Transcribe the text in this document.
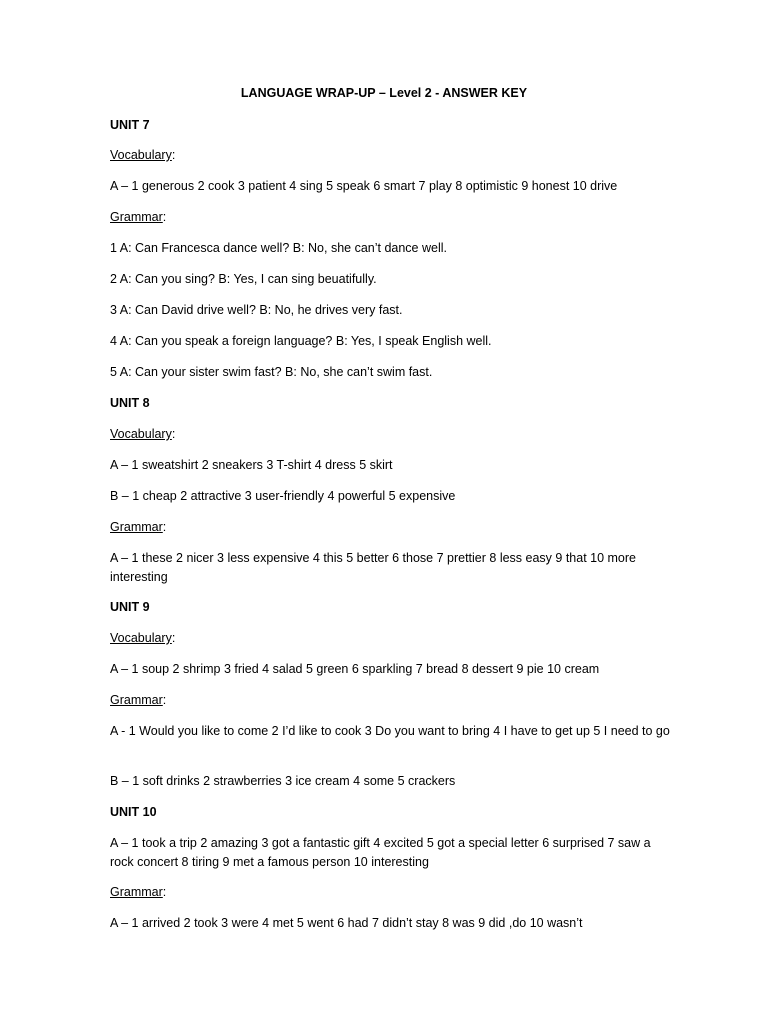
LANGUAGE WRAP-UP – Level 2 - ANSWER KEY
UNIT 7
Vocabulary:
A – 1 generous 2 cook 3 patient 4 sing 5 speak 6 smart 7 play 8 optimistic 9 honest 10 drive
Grammar:
1 A: Can Francesca dance well? B: No, she can’t dance well.
2 A: Can you sing? B: Yes, I can sing beuatifully.
3 A: Can David drive well? B: No, he drives very fast.
4 A: Can you speak a foreign language? B: Yes, I speak English well.
5 A: Can your sister swim fast? B: No, she can’t swim fast.
UNIT 8
Vocabulary:
A – 1 sweatshirt 2 sneakers 3 T-shirt 4 dress 5 skirt
B – 1 cheap 2 attractive 3 user-friendly 4 powerful 5 expensive
Grammar:
A – 1 these 2 nicer 3 less expensive 4 this 5 better 6 those 7 prettier 8 less easy 9 that 10 more interesting
UNIT 9
Vocabulary:
A – 1 soup 2 shrimp 3 fried 4 salad 5 green 6 sparkling 7 bread 8 dessert 9 pie 10 cream
Grammar:
A - 1 Would you like to come 2 I’d like to cook 3 Do you want to bring 4 I have to get up 5 I need to go
B – 1 soft drinks 2 strawberries 3 ice cream 4 some 5 crackers
UNIT 10
A – 1 took a trip 2 amazing 3 got a fantastic gift 4 excited 5 got a special letter 6 surprised 7 saw a rock concert 8 tiring 9 met a famous person 10 interesting
Grammar:
A – 1 arrived 2 took 3 were 4 met 5 went 6 had 7 didn’t stay 8 was 9 did ,do 10 wasn’t
